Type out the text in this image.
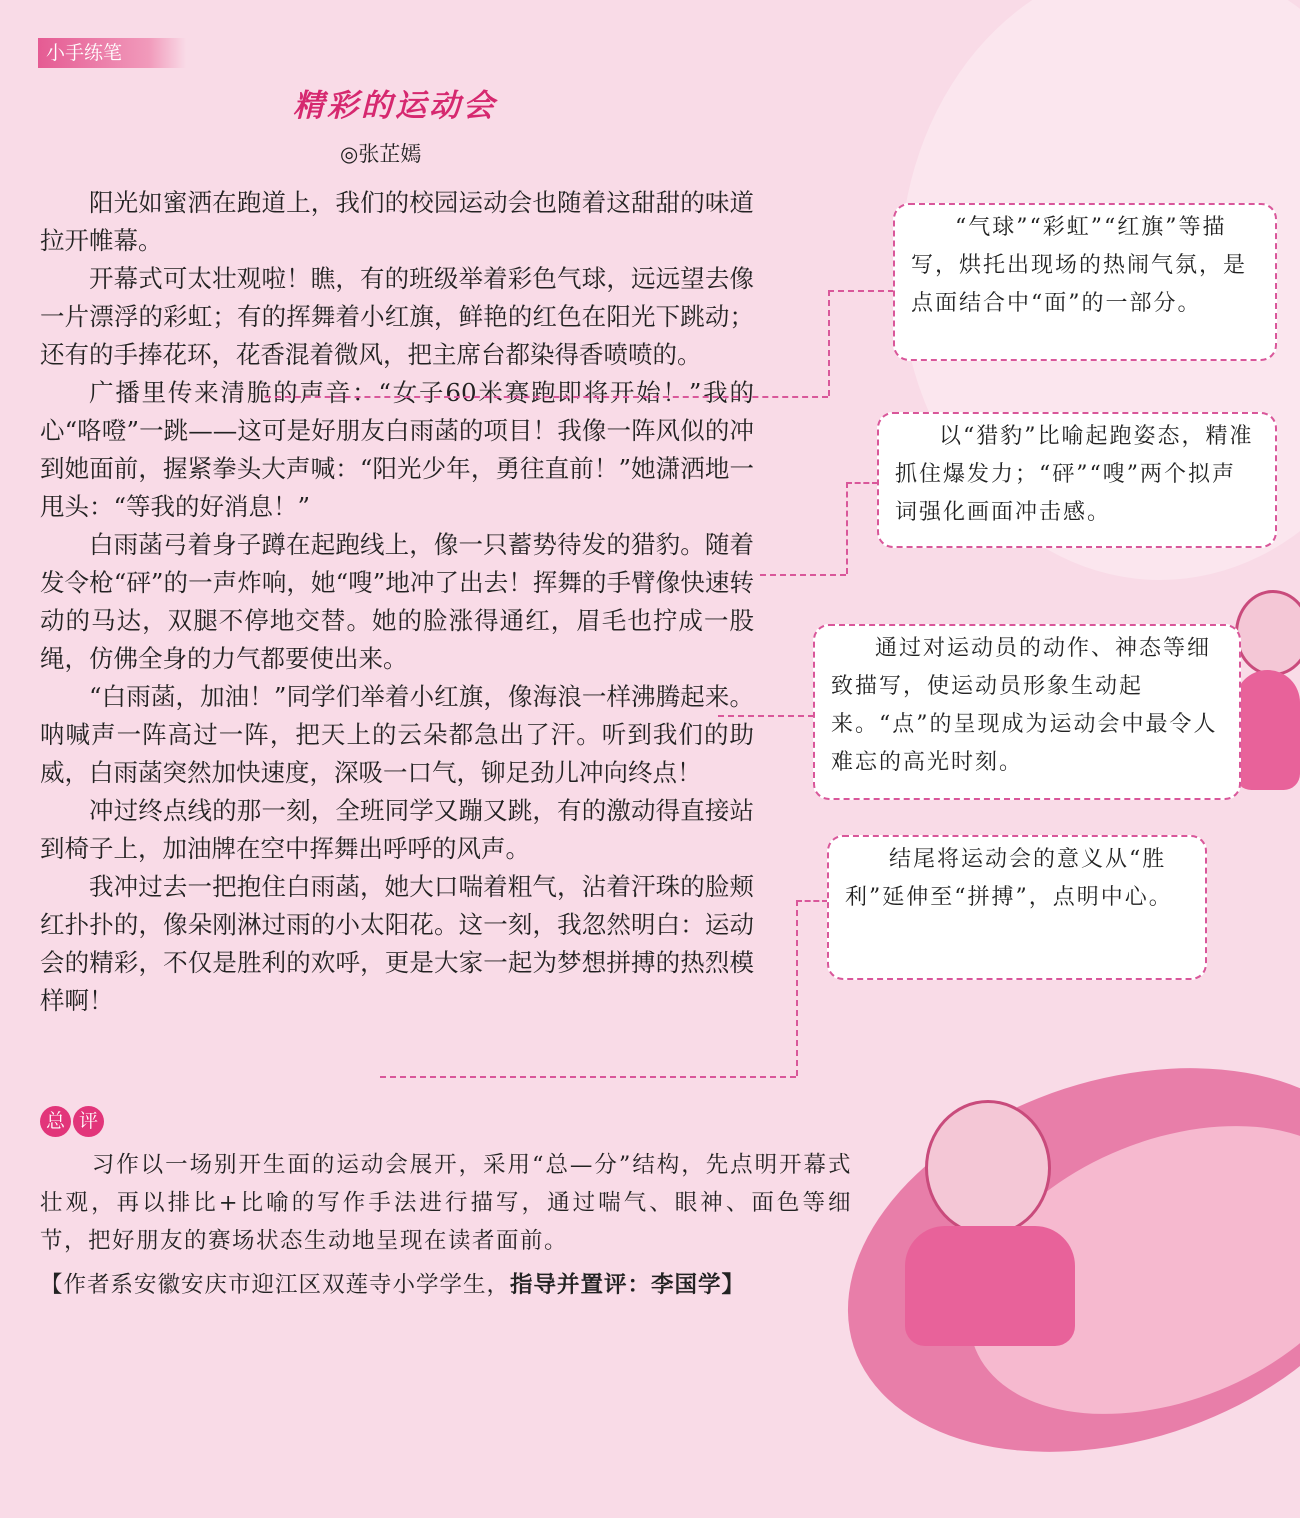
小手练笔
精彩的运动会
◎张芷嫣

阳光如蜜洒在跑道上，我们的校园运动会也随着这甜甜的味道拉开帷幕。

开幕式可太壮观啦！瞧，有的班级举着彩色气球，远远望去像一片漂浮的彩虹；有的挥舞着小红旗，鲜艳的红色在阳光下跳动；还有的手捧花环，花香混着微风，把主席台都染得香喷喷的。

广播里传来清脆的声音：“女子60米赛跑即将开始！”我的心“咯噔”一跳——这可是好朋友白雨菡的项目！我像一阵风似的冲到她面前，握紧拳头大声喊：“阳光少年，勇往直前！”她潇洒地一甩头：“等我的好消息！”

白雨菡弓着身子蹲在起跑线上，像一只蓄势待发的猎豹。随着发令枪“砰”的一声炸响，她“嗖”地冲了出去！挥舞的手臂像快速转动的马达，双腿不停地交替。她的脸涨得通红，眉毛也拧成一股绳，仿佛全身的力气都要使出来。

“白雨菡，加油！”同学们举着小红旗，像海浪一样沸腾起来。呐喊声一阵高过一阵，把天上的云朵都急出了汗。听到我们的助威，白雨菡突然加快速度，深吸一口气，铆足劲儿冲向终点！

冲过终点线的那一刻，全班同学又蹦又跳，有的激动得直接站到椅子上，加油牌在空中挥舞出呼呼的风声。

我冲过去一把抱住白雨菡，她大口喘着粗气，沾着汗珠的脸颊红扑扑的，像朵刚淋过雨的小太阳花。这一刻，我忽然明白：运动会的精彩，不仅是胜利的欢呼，更是大家一起为梦想拼搏的热烈模样啊！

“气球”“彩虹”“红旗”等描写，烘托出现场的热闹气氛，是点面结合中“面”的一部分。
以“猎豹”比喻起跑姿态，精准抓住爆发力；“砰”“嗖”两个拟声词强化画面冲击感。
通过对运动员的动作、神态等细致描写，使运动员形象生动起来。“点”的呈现成为运动会中最令人难忘的高光时刻。
结尾将运动会的意义从“胜利”延伸至“拼搏”，点明中心。
总 评

习作以一场别开生面的运动会展开，采用“总—分”结构，先点明开幕式壮观，再以排比+比喻的写作手法进行描写，通过喘气、眼神、面色等细节，把好朋友的赛场状态生动地呈现在读者面前。

【作者系安徽安庆市迎江区双莲寺小学学生，指导并置评：李国学】
